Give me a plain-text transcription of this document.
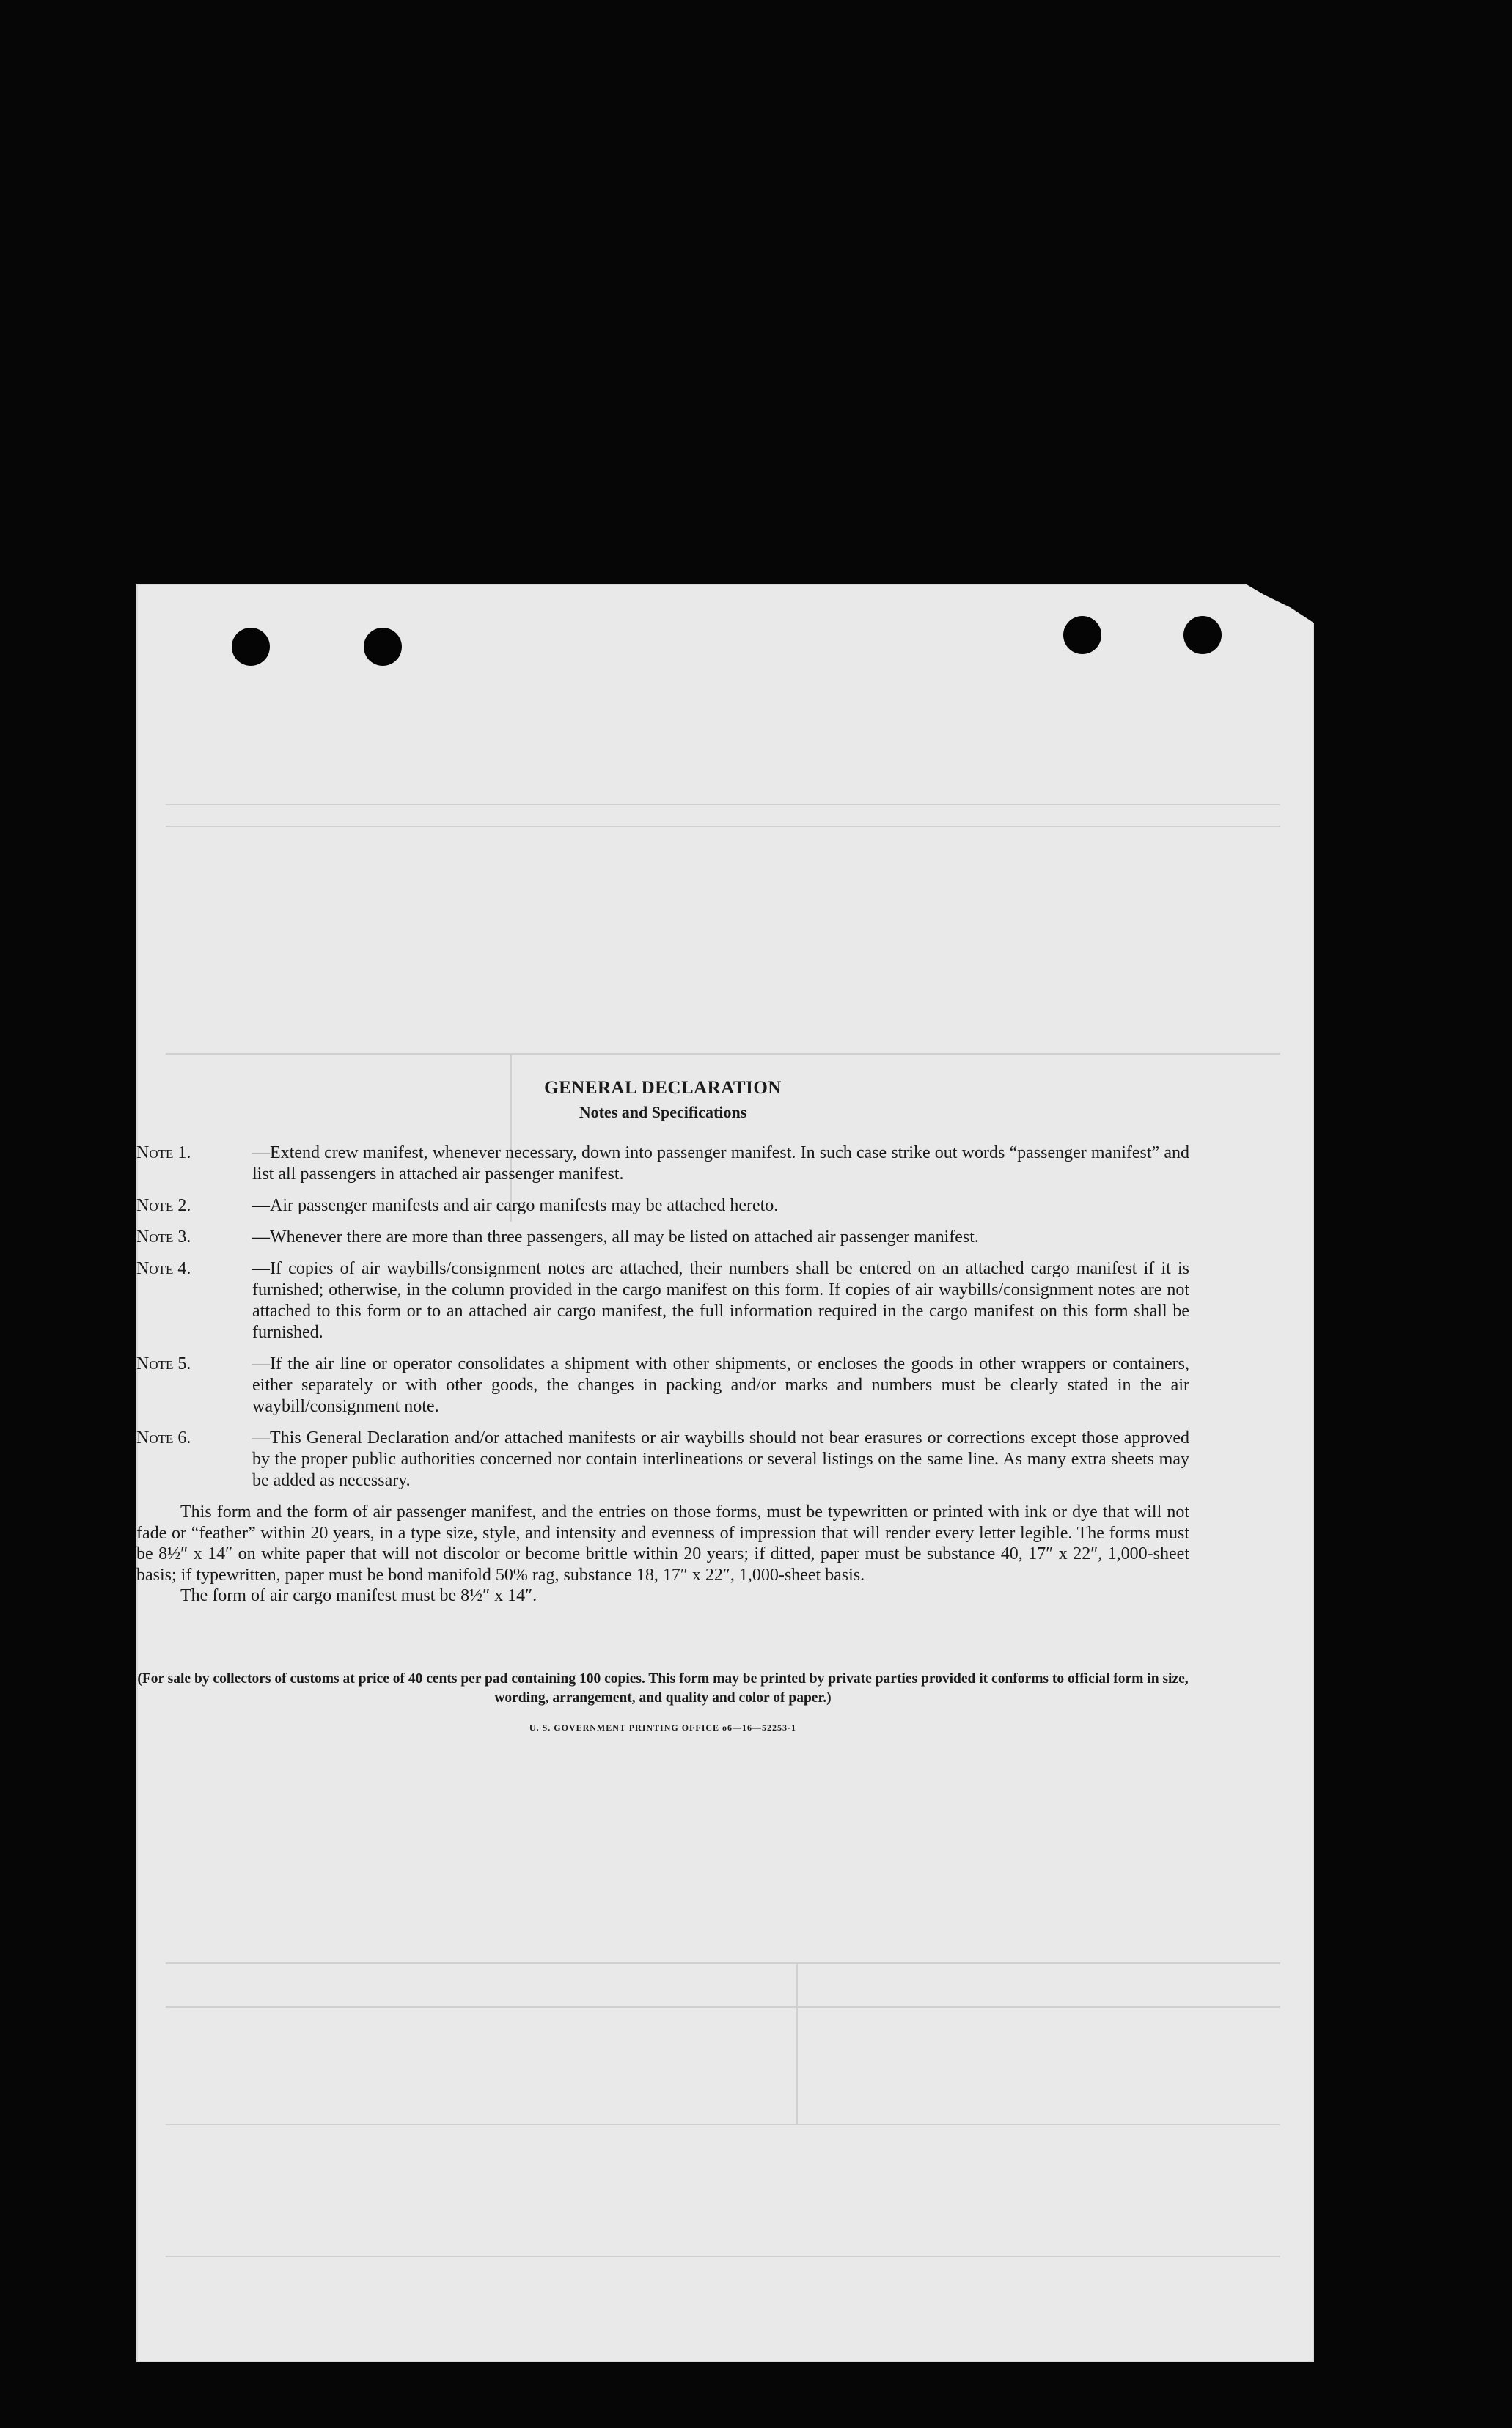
GENERAL DECLARATION
Notes and Specifications
Note 1.	—Extend crew manifest, whenever necessary, down into passenger manifest. In such case strike out words “passenger manifest” and list all passengers in attached air passenger manifest.
Note 2.	—Air passenger manifests and air cargo manifests may be attached hereto.
Note 3.	—Whenever there are more than three passengers, all may be listed on attached air passenger manifest.
Note 4.	—If copies of air waybills/consignment notes are attached, their numbers shall be entered on an attached cargo manifest if it is furnished; otherwise, in the column provided in the cargo manifest on this form. If copies of air waybills/consignment notes are not attached to this form or to an attached air cargo manifest, the full information required in the cargo manifest on this form shall be furnished.
Note 5.	—If the air line or operator consolidates a shipment with other shipments, or encloses the goods in other wrappers or containers, either separately or with other goods, the changes in packing and/or marks and numbers must be clearly stated in the air waybill/consignment note.
Note 6.	—This General Declaration and/or attached manifests or air waybills should not bear erasures or corrections except those approved by the proper public authorities concerned nor contain interlineations or several listings on the same line. As many extra sheets may be added as necessary.
This form and the form of air passenger manifest, and the entries on those forms, must be typewritten or printed with ink or dye that will not fade or “feather” within 20 years, in a type size, style, and intensity and evenness of impression that will render every letter legible. The forms must be 8½″ x 14″ on white paper that will not discolor or become brittle within 20 years; if ditted, paper must be substance 40, 17″ x 22″, 1,000-sheet basis; if typewritten, paper must be bond manifold 50% rag, substance 18, 17″ x 22″, 1,000-sheet basis.
The form of air cargo manifest must be 8½″ x 14″.
(For sale by collectors of customs at price of 40 cents per pad containing 100 copies. This form may be printed by private parties provided it conforms to official form in size, wording, arrangement, and quality and color of paper.)
U. S. GOVERNMENT PRINTING OFFICE o6—16—52253-1
